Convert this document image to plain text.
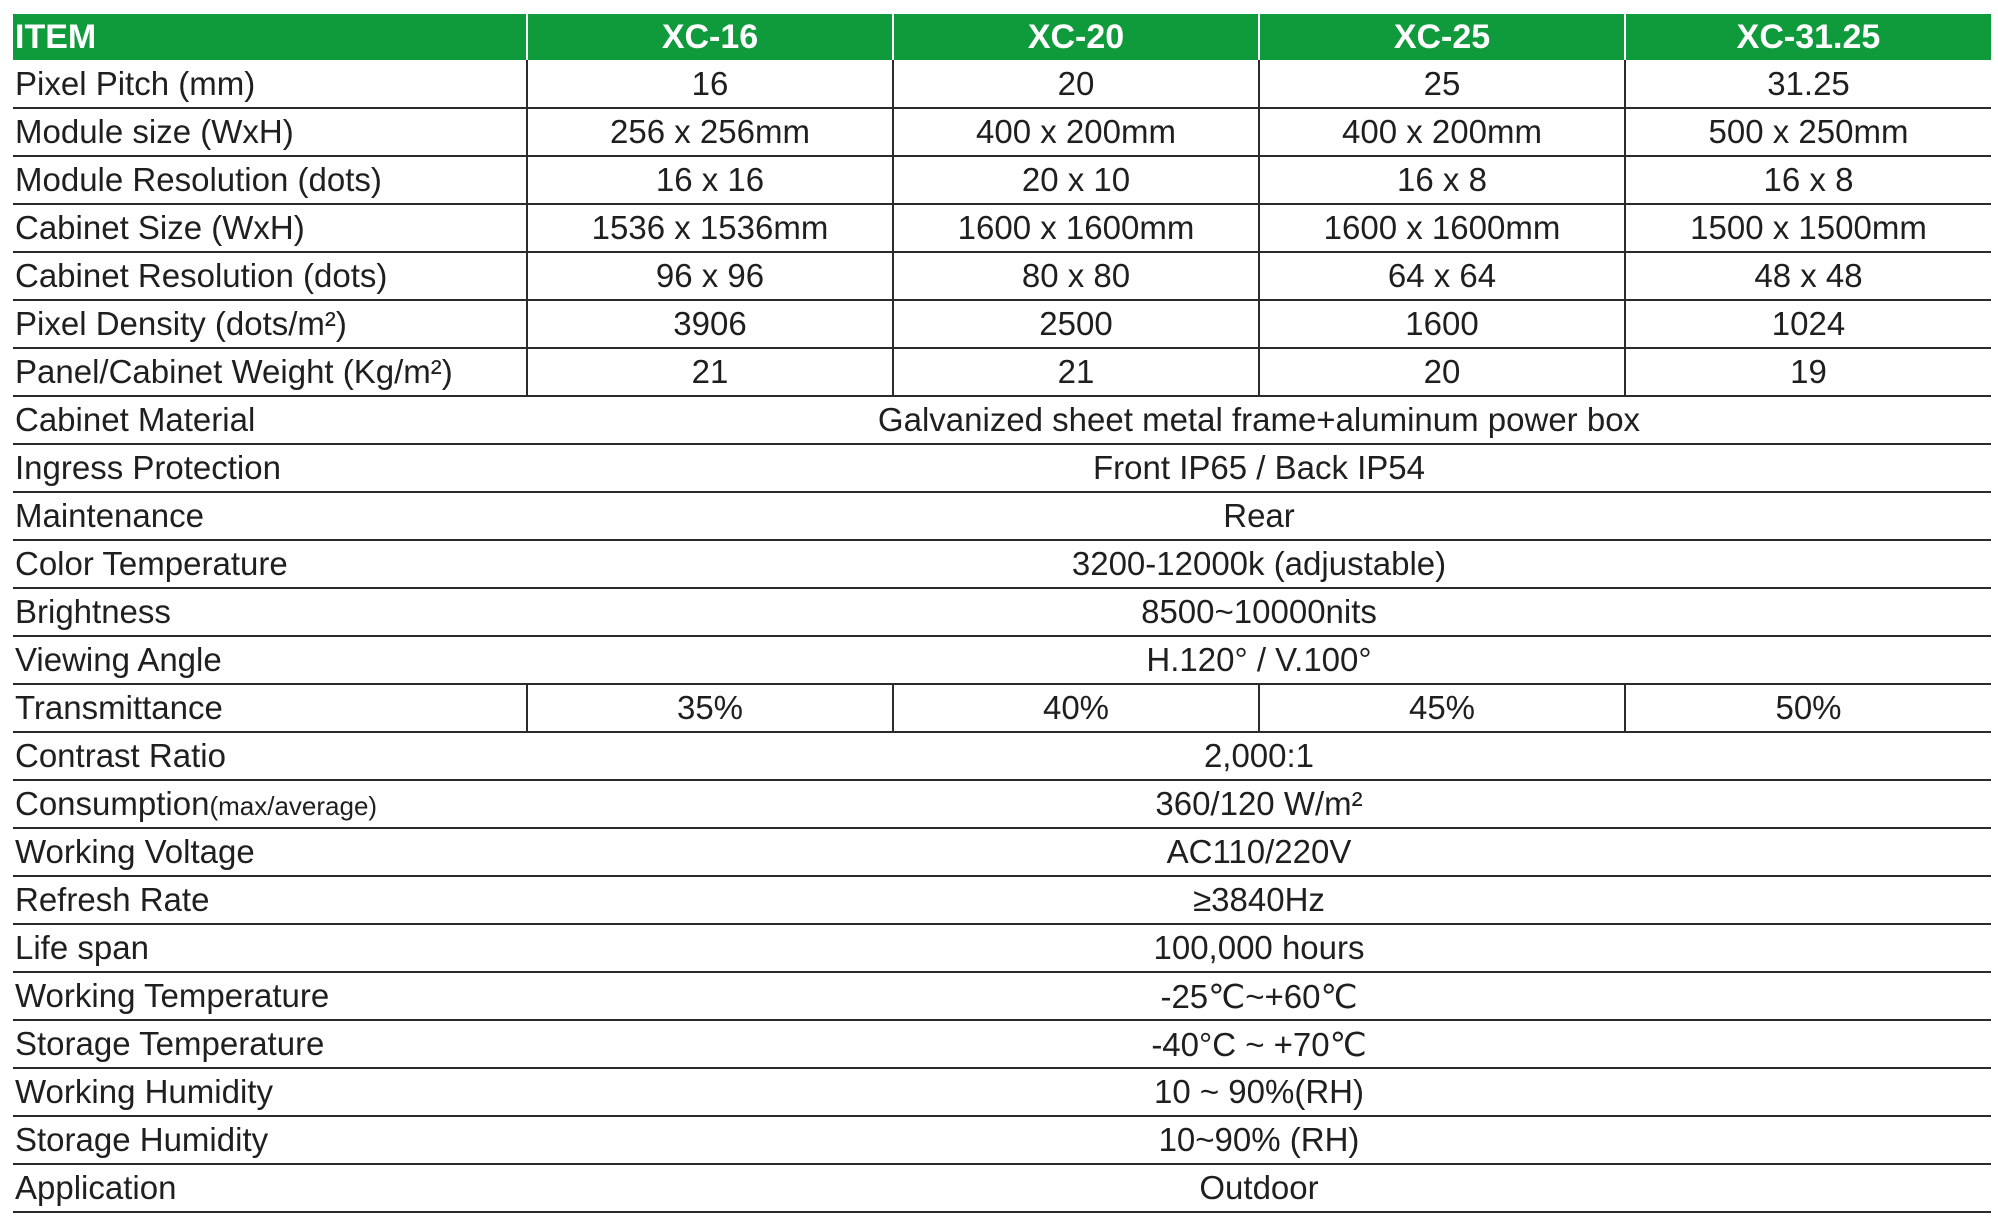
ITEM	XC-16	XC-20	XC-25	XC-31.25
Pixel Pitch (mm)	16	20	25	31.25
Module size (WxH)	256 x 256mm	400 x 200mm	400 x 200mm	500 x 250mm
Module Resolution (dots)	16 x 16	20 x 10	16 x 8	16 x 8
Cabinet Size (WxH)	1536 x 1536mm	1600 x 1600mm	1600 x 1600mm	1500 x 1500mm
Cabinet Resolution (dots)	96 x 96	80 x 80	64 x 64	48 x 48
Pixel Density (dots/m²)	3906	2500	1600	1024
Panel/Cabinet Weight (Kg/m²)	21	21	20	19
Cabinet Material	Galvanized sheet metal frame+aluminum power box			
Ingress Protection	Front IP65 / Back IP54			
Maintenance	Rear			
Color Temperature	3200-12000k (adjustable)			
Brightness	8500~10000nits			
Viewing Angle	H.120° / V.100°			
Transmittance	35%	40%	45%	50%
Contrast Ratio	2,000:1			
Consumption(max/average)	360/120 W/m²			
Working Voltage	AC110/220V			
Refresh Rate	≥3840Hz			
Life span	100,000 hours			
Working Temperature	-25℃~+60℃			
Storage Temperature	-40°C ~ +70℃			
Working Humidity	10 ~ 90%(RH)			
Storage Humidity	10~90% (RH)			
Application	Outdoor			
